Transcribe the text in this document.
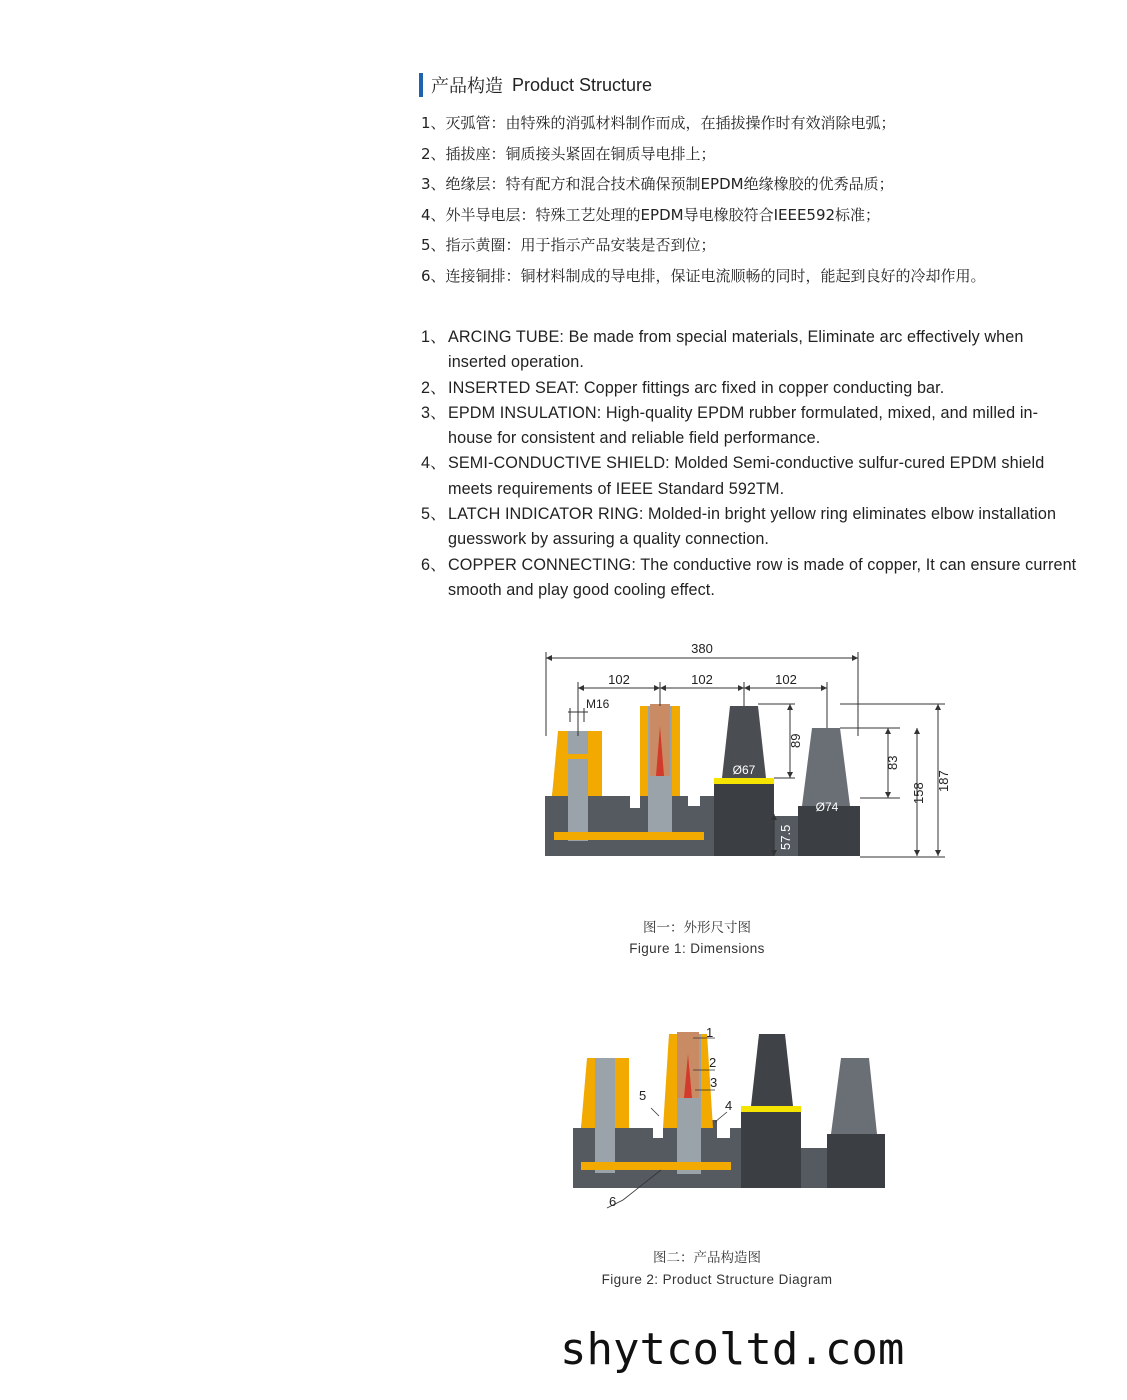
产品构造 Product Structure
1、 灭弧管：由特殊的消弧材料制作而成，在插拔操作时有效消除电弧；
2、 插拔座：铜质接头紧固在铜质导电排上；
3、 绝缘层：特有配方和混合技术确保预制EPDM绝缘橡胶的优秀品质；
4、 外半导电层：特殊工艺处理的EPDM导电橡胶符合IEEE592标准；
5、 指示黄圈：用于指示产品安装是否到位；
6、 连接铜排：铜材料制成的导电排，保证电流顺畅的同时，能起到良好的冷却作用。
1、 ARCING TUBE: Be made from special materials, Eliminate arc effectively when inserted operation.
2、 INSERTED SEAT: Copper fittings arc fixed in copper conducting bar.
3、 EPDM INSULATION: High-quality EPDM rubber formulated, mixed, and milled in-house for consistent and reliable field performance.
4、 SEMI-CONDUCTIVE SHIELD: Molded Semi-conductive sulfur-cured EPDM shield meets requirements of IEEE Standard 592TM.
5、 LATCH INDICATOR RING: Molded-in bright yellow ring eliminates elbow installation guesswork by assuring a quality connection.
6、 COPPER CONNECTING: The conductive row is made of copper, It can ensure current smooth and play good cooling effect.
Ø74
Ø67
380
102	102	102
M16
89
83
158
187
57.5
图一：外形尺寸图
Figure 1: Dimensions
1
2
3
4
5
6
图二：产品构造图
Figure 2: Product Structure Diagram
shytcoltd.com
